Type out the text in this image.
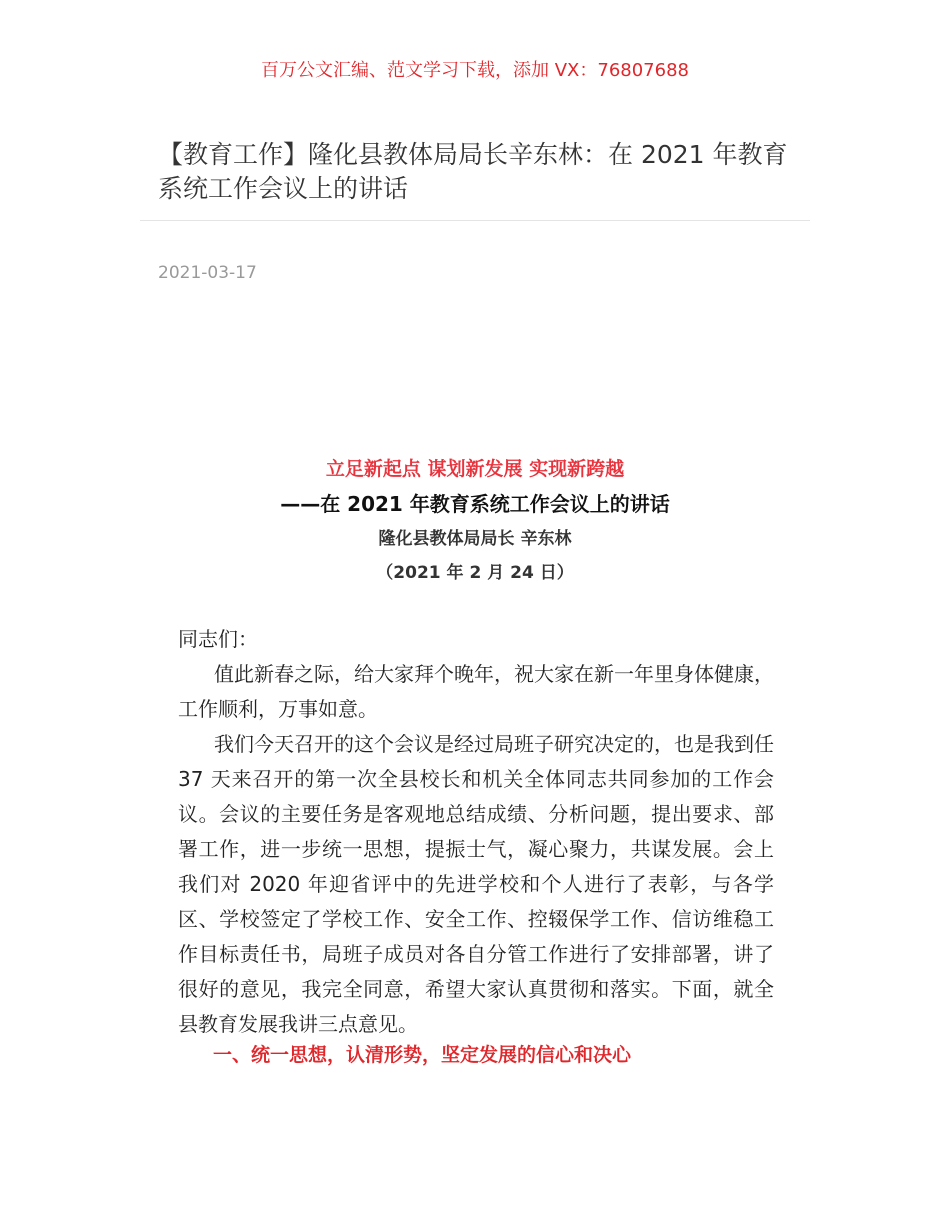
百万公文汇编、范文学习下载，添加 VX：76807688
【教育工作】隆化县教体局局长辛东林：在 2021 年教育系统工作会议上的讲话
2021-03-17
立足新起点 谋划新发展 实现新跨越
——在 2021 年教育系统工作会议上的讲话
隆化县教体局局长 辛东林
（2021 年 2 月 24 日）

同志们：

值此新春之际，给大家拜个晚年，祝大家在新一年里身体健康，工作顺利，万事如意。

我们今天召开的这个会议是经过局班子研究决定的，也是我到任 37 天来召开的第一次全县校长和机关全体同志共同参加的工作会议。会议的主要任务是客观地总结成绩、分析问题，提出要求、部署工作，进一步统一思想，提振士气，凝心聚力，共谋发展。会上我们对 2020 年迎省评中的先进学校和个人进行了表彰，与各学区、学校签定了学校工作、安全工作、控辍保学工作、信访维稳工作目标责任书，局班子成员对各自分管工作进行了安排部署，讲了很好的意见，我完全同意，希望大家认真贯彻和落实。下面，就全县教育发展我讲三点意见。

一、统一思想，认清形势，坚定发展的信心和决心
